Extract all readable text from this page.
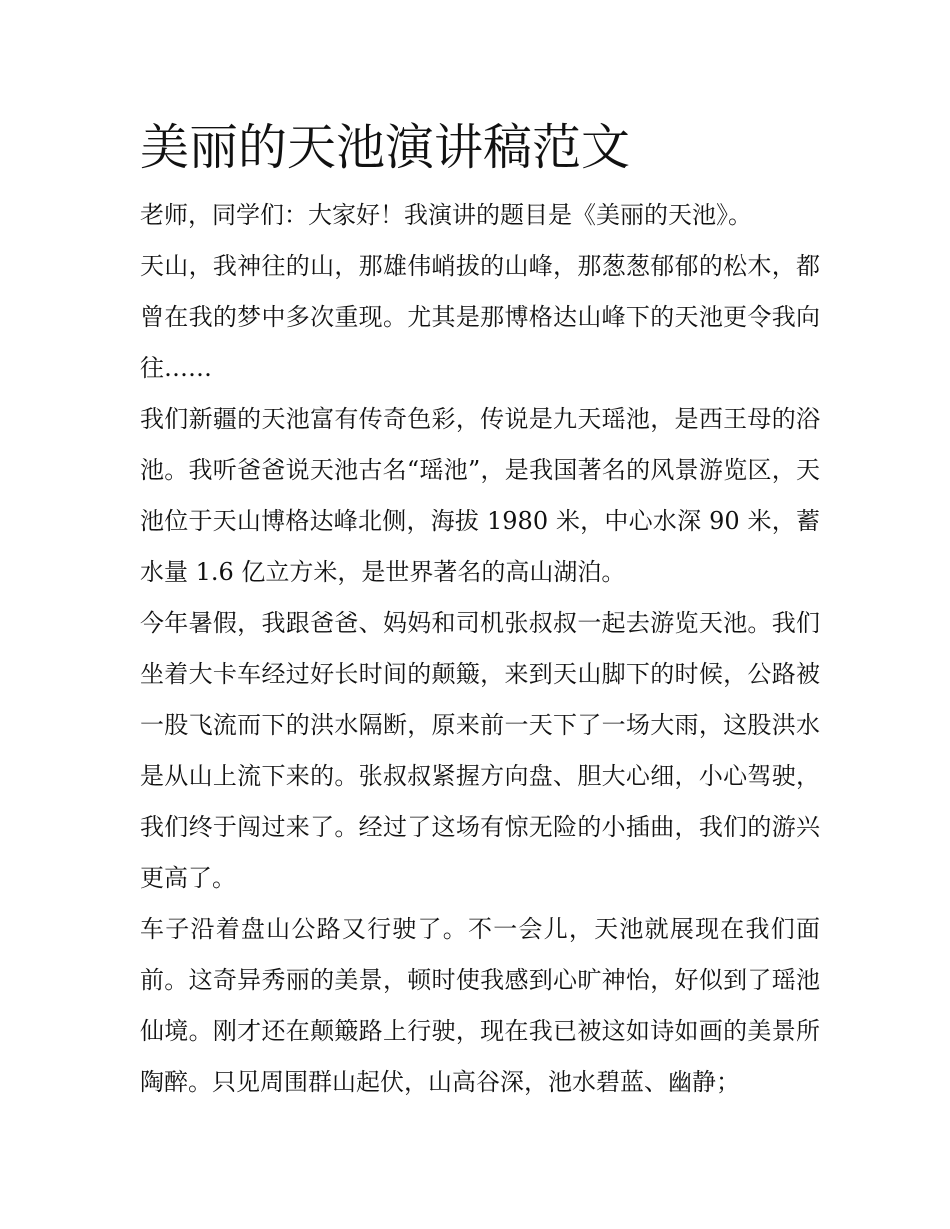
美丽的天池演讲稿范文

老师，同学们：大家好！我演讲的题目是《美丽的天池》。

天山，我神往的山，那雄伟峭拔的山峰，那葱葱郁郁的松木，都曾在我的梦中多次重现。尤其是那博格达山峰下的天池更令我向往……

我们新疆的天池富有传奇色彩，传说是九天瑶池，是西王母的浴池。我听爸爸说天池古名“瑶池”，是我国著名的风景游览区，天池位于天山博格达峰北侧，海拔 1980 米，中心水深 90 米，蓄水量 1.6 亿立方米，是世界著名的高山湖泊。

今年暑假，我跟爸爸、妈妈和司机张叔叔一起去游览天池。我们坐着大卡车经过好长时间的颠簸，来到天山脚下的时候，公路被一股飞流而下的洪水隔断，原来前一天下了一场大雨，这股洪水是从山上流下来的。张叔叔紧握方向盘、胆大心细，小心驾驶，我们终于闯过来了。经过了这场有惊无险的小插曲，我们的游兴更高了。

车子沿着盘山公路又行驶了。不一会儿，天池就展现在我们面前。这奇异秀丽的美景，顿时使我感到心旷神怡，好似到了瑶池仙境。刚才还在颠簸路上行驶，现在我已被这如诗如画的美景所陶醉。只见周围群山起伏，山高谷深，池水碧蓝、幽静；
